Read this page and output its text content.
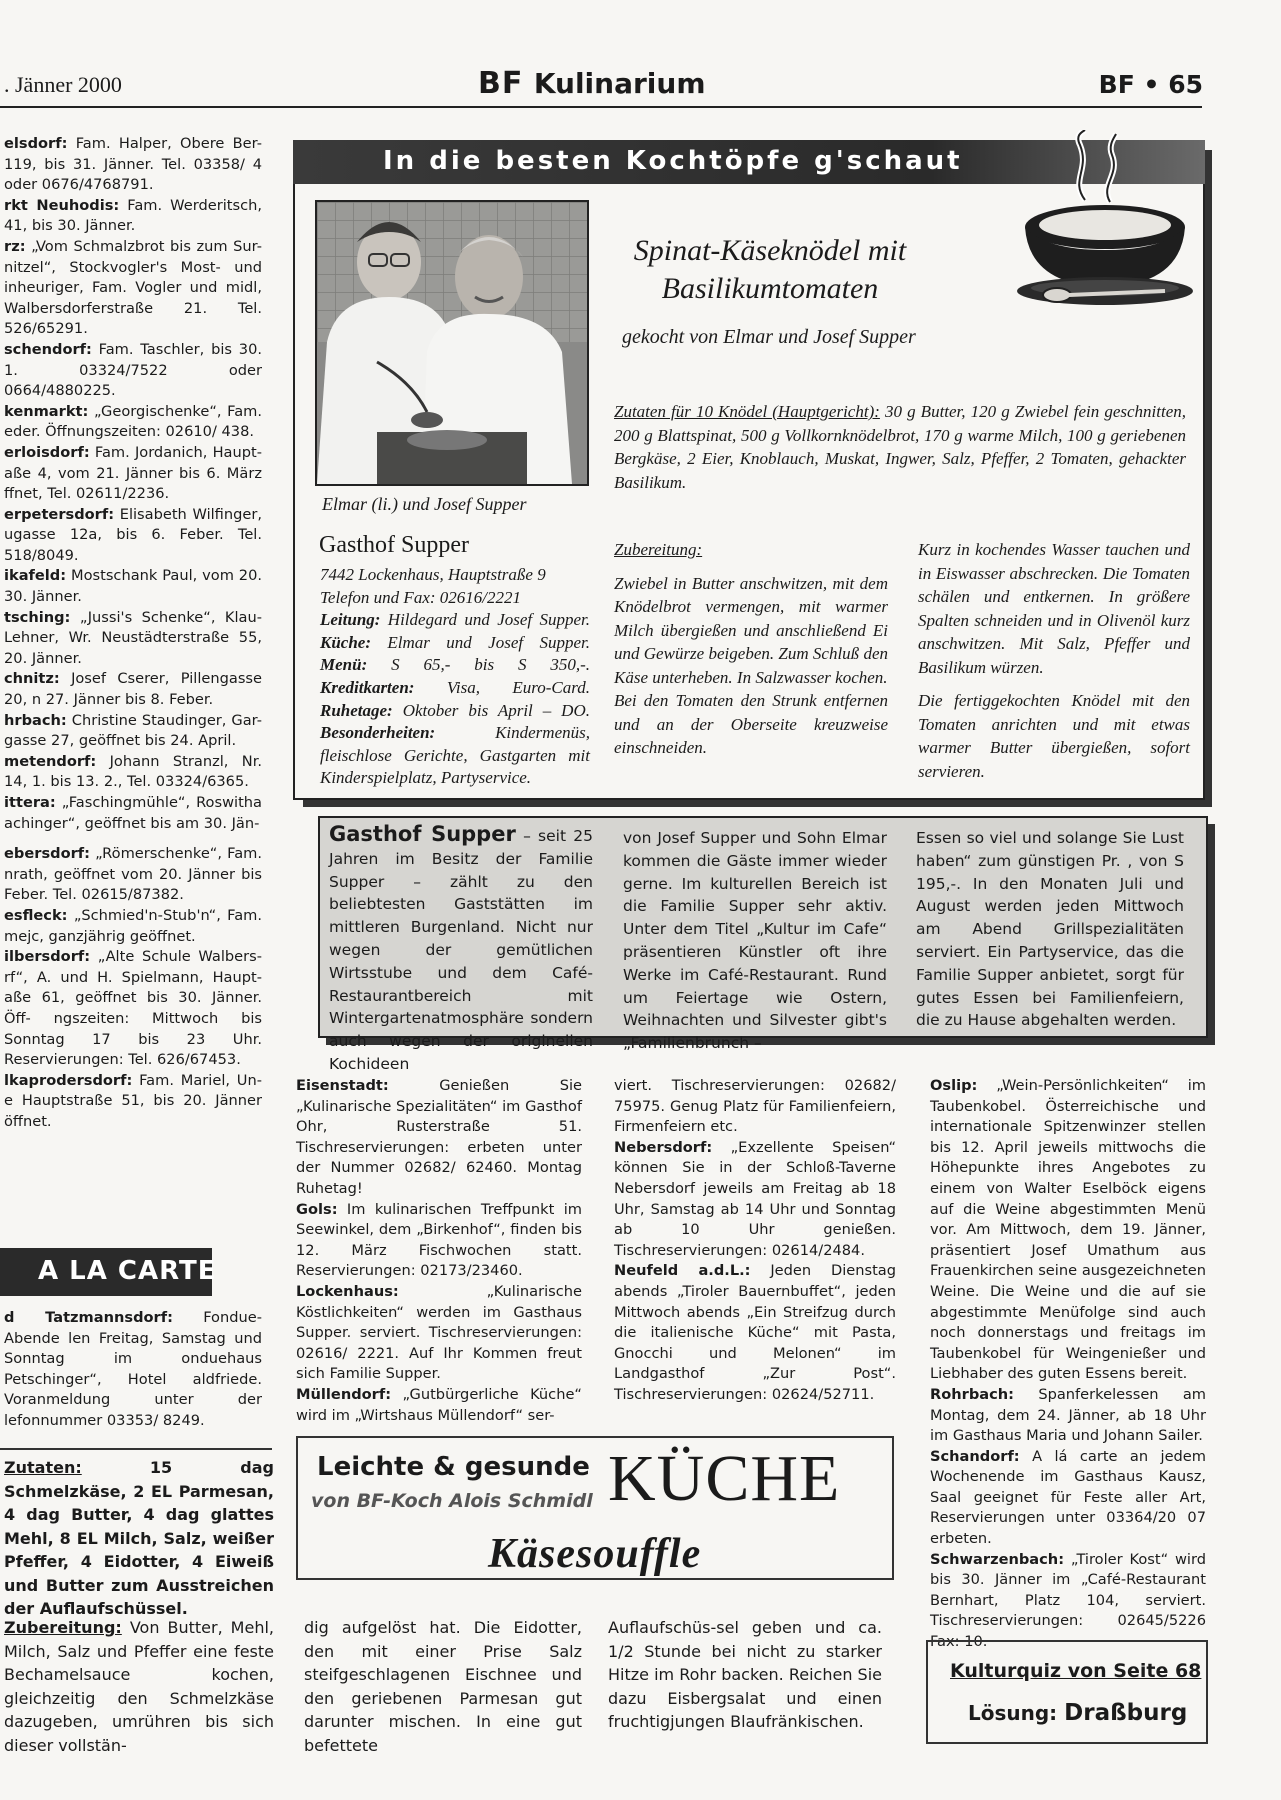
. Jänner 2000	BF Kulinarium	BF • 65

elsdorf: Fam. Halper, Obere Ber- 119, bis 31. Jänner. Tel. 03358/ 4 oder 0676/4768791.

rkt Neuhodis: Fam. Werderitsch, 41, bis 30. Jänner.

rz: „Vom Schmalzbrot bis zum Sur- nitzel“, Stockvogler's Most- und inheuriger, Fam. Vogler und midl, Walbersdorferstraße 21. Tel. 526/65291.

schendorf: Fam. Taschler, bis 30. 1. 03324/7522 oder 0664/4880225.

kenmarkt: „Georgischenke“, Fam. eder. Öffnungszeiten: 02610/ 438.

erloisdorf: Fam. Jordanich, Haupt- aße 4, vom 21. Jänner bis 6. März ffnet, Tel. 02611/2236.

erpetersdorf: Elisabeth Wilfinger, ugasse 12a, bis 6. Feber. Tel. 518/8049.

ikafeld: Mostschank Paul, vom 20. 30. Jänner.

tsching: „Jussi's Schenke“, Klau- Lehner, Wr. Neustädterstraße 55, 20. Jänner.

chnitz: Josef Cserer, Pillengasse 20, n 27. Jänner bis 8. Feber.

hrbach: Christine Staudinger, Gar- gasse 27, geöffnet bis 24. April.

metendorf: Johann Stranzl, Nr. 14, 1. bis 13. 2., Tel. 03324/6365.

ittera: „Faschingmühle“, Roswitha achinger“, geöffnet bis am 30. Jän-

ebersdorf: „Römerschenke“, Fam. nrath, geöffnet vom 20. Jänner bis Feber. Tel. 02615/87382.

esfleck: „Schmied'n-Stub'n“, Fam. mejc, ganzjährig geöffnet.

ilbersdorf: „Alte Schule Walbers- rf“, A. und H. Spielmann, Haupt- aße 61, geöffnet bis 30. Jänner. Öff- ngszeiten: Mittwoch bis Sonntag 17 bis 23 Uhr. Reservierungen: Tel. 626/67453.

lkaprodersdorf: Fam. Mariel, Un- e Hauptstraße 51, bis 20. Jänner öffnet.

A LA CARTE

d Tatzmannsdorf: Fondue-Abende len Freitag, Samstag und Sonntag im onduehaus Petschinger“, Hotel aldfriede. Voranmeldung unter der lefonnummer 03353/ 8249.

In die besten Kochtöpfe g'schaut
Elmar (li.) und Josef Supper
Spinat-Käseknödel mit
Basilikumtomaten
gekocht von Elmar und Josef Supper
Zutaten für 10 Knödel (Hauptgericht): 30 g Butter, 120 g Zwiebel fein geschnitten, 200 g Blattspinat, 500 g Vollkornknödelbrot, 170 g warme Milch, 100 g geriebenen Bergkäse, 2 Eier, Knoblauch, Muskat, Ingwer, Salz, Pfeffer, 2 Tomaten, gehackter Basilikum.
Gasthof Supper
7442 Lockenhaus, Hauptstraße 9
Telefon und Fax: 02616/2221
Leitung: Hildegard und Josef Supper. Küche: Elmar und Josef Supper. Menü: S 65,- bis S 350,-. Kreditkarten: Visa, Euro-Card. Ruhetage: Oktober bis April – DO. Besonderheiten:	Kindermenüs, fleischlose Gerichte, Gastgarten mit Kinderspielplatz, Partyservice.
Zubereitung:

Zwiebel in Butter anschwitzen, mit dem Knödelbrot vermengen, mit warmer Milch übergießen und anschließend Ei und Gewürze beigeben. Zum Schluß den Käse unterheben. In Salzwasser kochen.

Bei den Tomaten den Strunk entfernen und an der Oberseite kreuzweise einschneiden.

Kurz in kochendes Wasser tauchen und in Eiswasser abschrecken. Die Tomaten schälen und entkernen. In größere Spalten schneiden und in Olivenöl kurz anschwitzen. Mit Salz, Pfeffer und Basilikum würzen.

Die fertiggekochten Knödel mit den Tomaten anrichten und mit etwas warmer Butter übergießen, sofort servieren.

Gasthof Supper – seit 25 Jahren im Besitz der Familie Supper – zählt zu den beliebtesten Gaststätten im mittleren Burgenland. Nicht nur wegen der gemütlichen Wirtsstube und dem Café-Restaurantbereich mit Wintergartenatmosphäre sondern auch wegen der originellen Kochideen
von Josef Supper und Sohn Elmar kommen die Gäste immer wieder gerne. Im kulturellen Bereich ist die Familie Supper sehr aktiv. Unter dem Titel „Kultur im Cafe“ präsentieren Künstler oft ihre Werke im Café-Restaurant. Rund um Feiertage wie Ostern, Weihnachten und Silvester gibt's „Familienbrunch –
Essen so viel und solange Sie Lust haben“ zum günstigen Pr. , von S 195,-. In den Monaten Juli und August werden jeden Mittwoch am Abend Grillspezialitäten serviert. Ein Partyservice, das die Familie Supper anbietet, sorgt für gutes Essen bei Familienfeiern, die zu Hause abgehalten werden.

Eisenstadt:	Genießen Sie „Kulinarische Spezialitäten“ im Gasthof Ohr, Rusterstraße 51. Tischreservierungen: erbeten unter der Nummer 02682/ 62460. Montag Ruhetag!

Gols: Im kulinarischen Treffpunkt im Seewinkel, dem „Birkenhof“, finden bis 12. März Fischwochen statt. Reservierungen: 02173/23460.

Lockenhaus:	„Kulinarische Köstlichkeiten“ werden im Gasthaus Supper. serviert. Tischreservierungen: 02616/ 2221. Auf Ihr Kommen freut sich Familie Supper.

Müllendorf: „Gutbürgerliche Küche“ wird im „Wirtshaus Müllendorf“ ser-

viert. Tischreservierungen: 02682/ 75975. Genug Platz für Familienfeiern, Firmenfeiern etc.

Nebersdorf: „Exzellente Speisen“ können Sie in der Schloß-Taverne Nebersdorf jeweils am Freitag ab 18 Uhr, Samstag ab 14 Uhr und Sonntag ab 10 Uhr genießen. Tischreservierungen: 02614/2484.

Neufeld a.d.L.: Jeden Dienstag abends „Tiroler Bauernbuffet“, jeden Mittwoch abends „Ein Streifzug durch die italienische Küche“ mit Pasta, Gnocchi und Melonen“ im Landgasthof „Zur Post“. Tischreservierungen: 02624/52711.

Oslip: „Wein-Persönlichkeiten“ im Taubenkobel. Österreichische und internationale Spitzenwinzer stellen bis 12. April jeweils mittwochs die Höhepunkte ihres Angebotes zu einem von Walter Eselböck eigens auf die Weine abgestimmten Menü vor. Am Mittwoch, dem 19. Jänner, präsentiert Josef Umathum aus Frauenkirchen seine ausgezeichneten Weine. Die Weine und die auf sie abgestimmte Menüfolge sind auch noch donnerstags und freitags im Taubenkobel für Weingenießer und Liebhaber des guten Essens bereit.

Rohrbach: Spanferkelessen am Montag, dem 24. Jänner, ab 18 Uhr im Gasthaus Maria und Johann Sailer.

Schandorf: A lá carte an jedem Wochenende im Gasthaus Kausz, Saal geeignet für Feste aller Art, Reservierungen unter 03364/20 07 erbeten.

Schwarzenbach: „Tiroler Kost“ wird bis 30. Jänner im „Café-Restaurant Bernhart, Platz 104, serviert. Tischreservierungen: 02645/5226 Fax: 10.

Leichte & gesunde
von BF-Koch Alois Schmidl KÜCHE
Käsesouffle
Zutaten:	15 dag Schmelzkäse, 2 EL Parmesan, 4 dag Butter, 4 dag glattes Mehl, 8 EL Milch, Salz, weißer Pfeffer, 4 Eidotter, 4 Eiweiß und Butter zum Ausstreichen der Auflaufschüssel.
Zubereitung: Von Butter, Mehl, Milch, Salz und Pfeffer eine feste Bechamelsauce kochen, gleichzeitig den Schmelzkäse dazugeben, umrühren bis sich dieser vollstän-
dig aufgelöst hat. Die Eidotter, den mit einer Prise Salz steifgeschlagenen Eischnee und den geriebenen Parmesan gut darunter mischen. In eine gut befettete
Auflaufschüs-sel geben und ca. 1/2 Stunde bei nicht zu starker Hitze im Rohr backen. Reichen Sie dazu Eisbergsalat und einen fruchtigjungen Blaufränkischen.
Kulturquiz von Seite 68
Lösung: Draßburg
